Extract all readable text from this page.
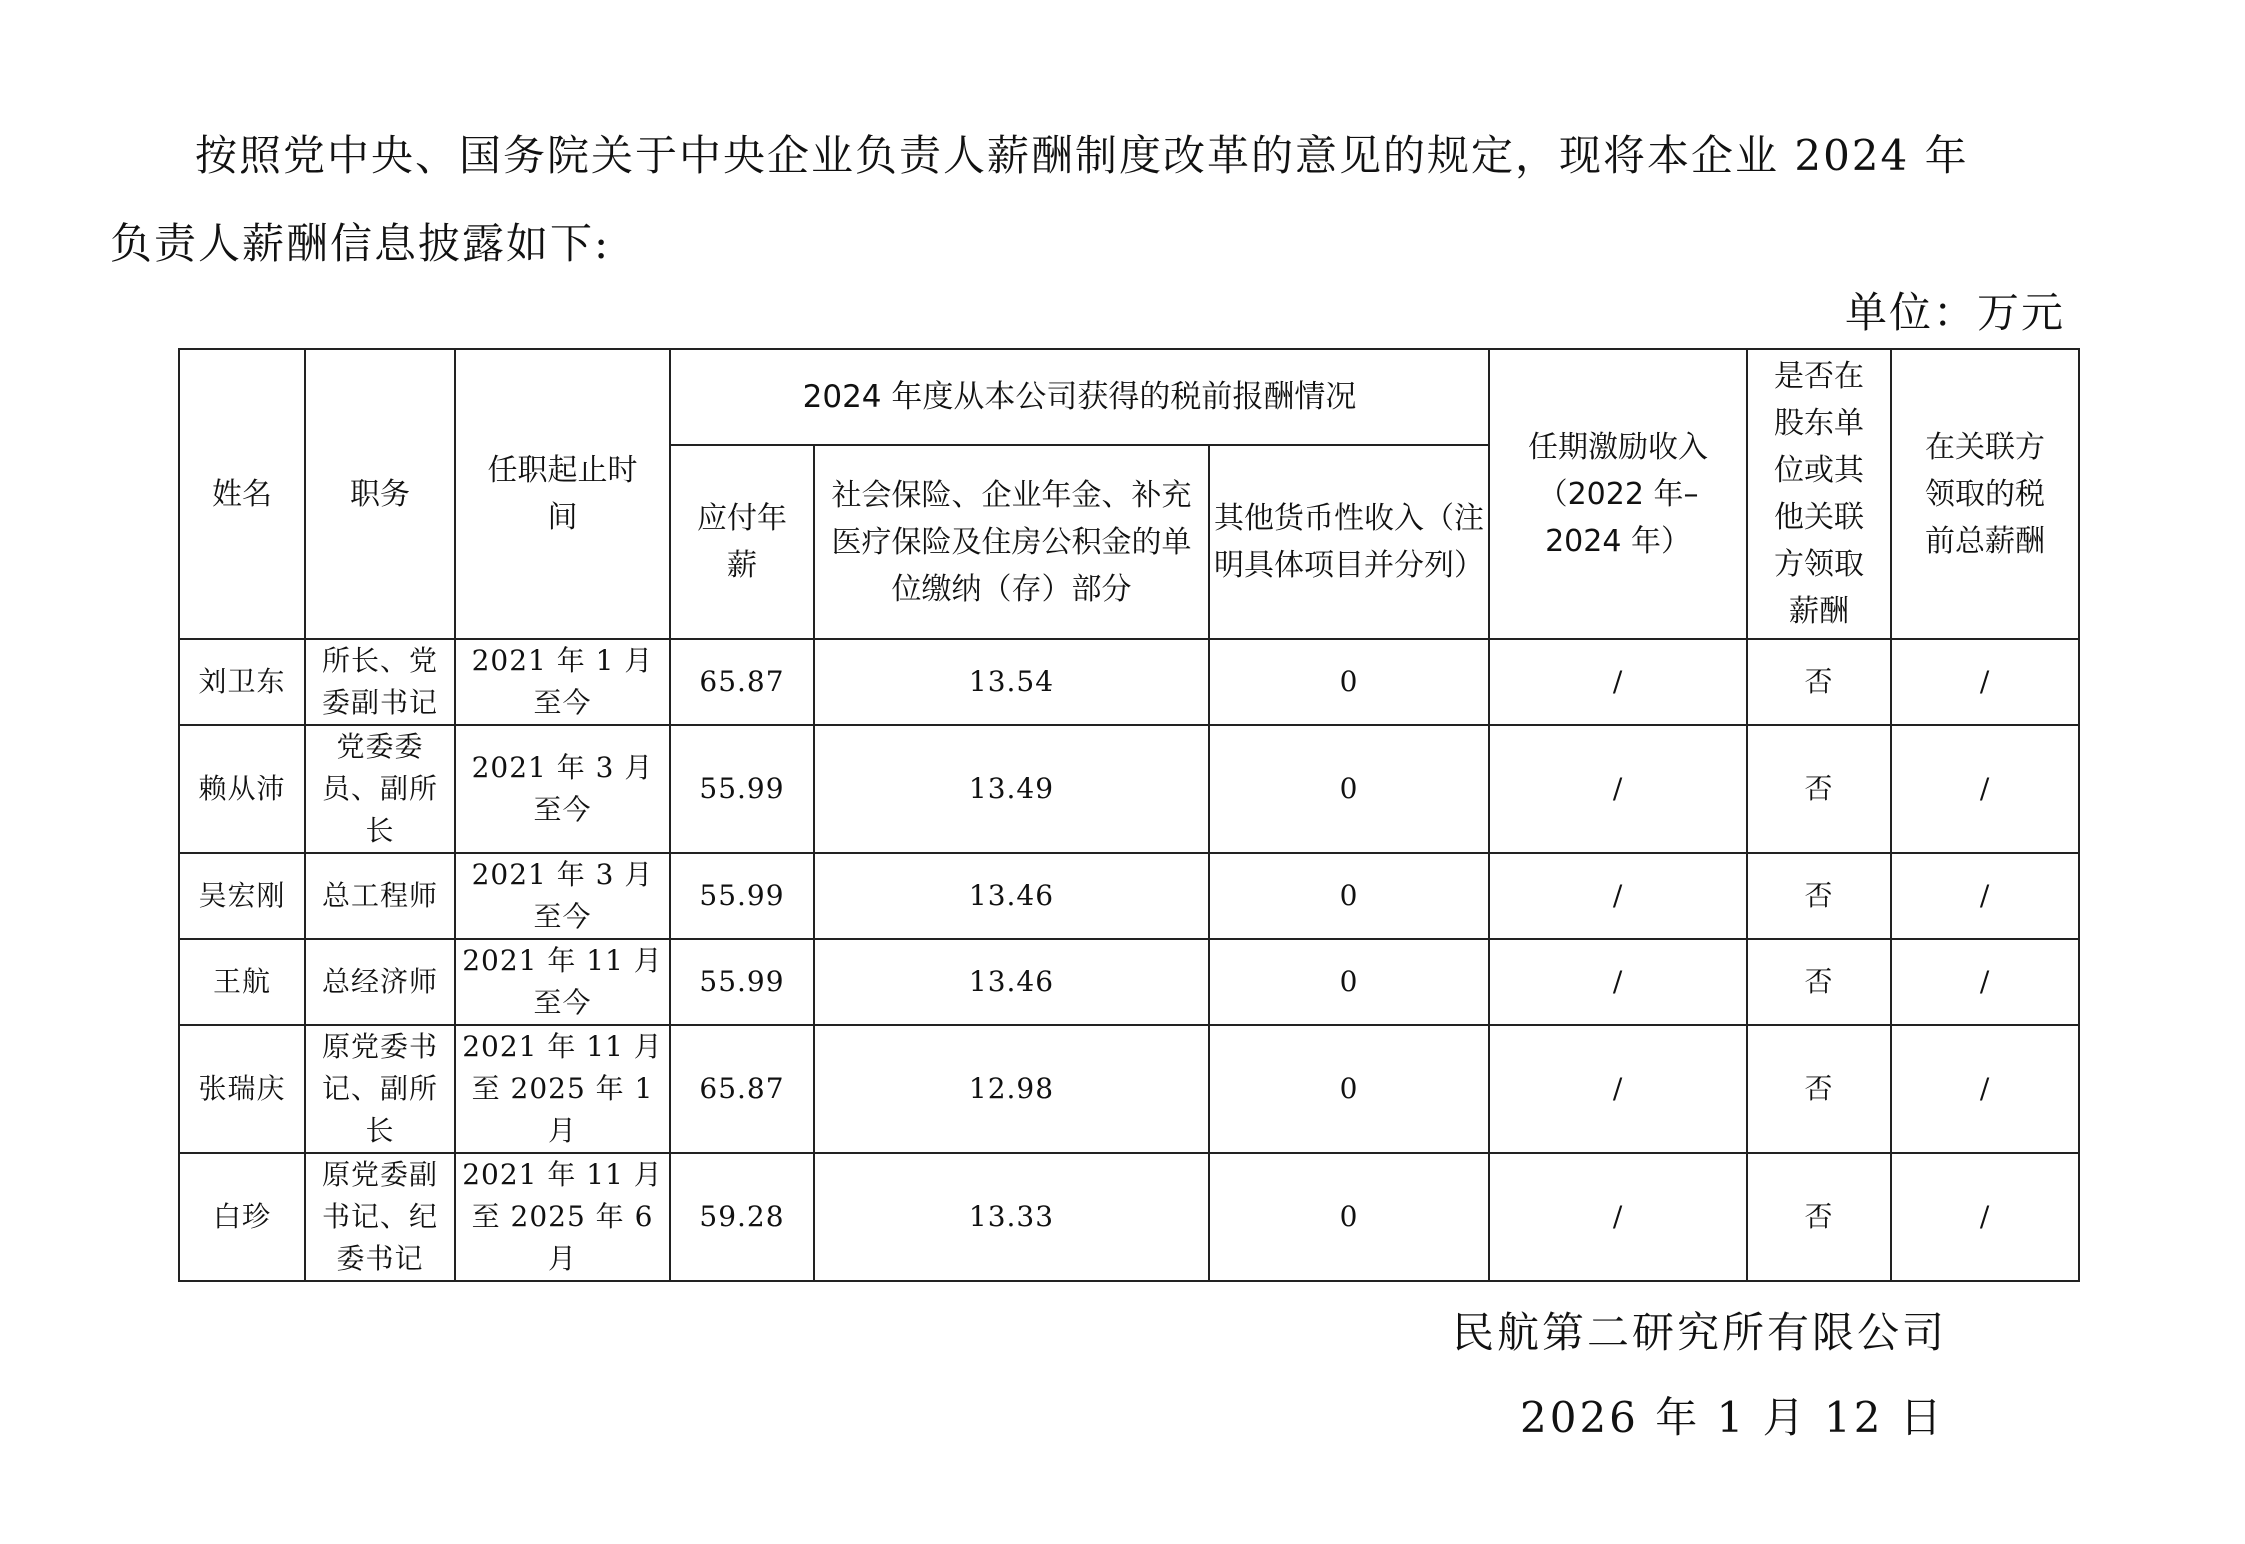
按照党中央、国务院关于中央企业负责人薪酬制度改革的意见的规定，现将本企业 2024 年负责人薪酬信息披露如下:
单位：万元
姓名	职务	任职起止时间	2024 年度从本公司获得的税前报酬情况			任期激励收入（2022 年–2024 年）	是否在股东单位或其他关联方领取薪酬	在关联方领取的税前总薪酬
			应付年薪	社会保险、企业年金、补充医疗保险及住房公积金的单位缴纳（存）部分	其他货币性收入（注明具体项目并分列）			
刘卫东	所长、党委副书记	2021 年 1 月至今	65.87	13.54	0	/	否	/
赖从沛	党委委员、副所长	2021 年 3 月至今	55.99	13.49	0	/	否	/
吴宏刚	总工程师	2021 年 3 月至今	55.99	13.46	0	/	否	/
王航	总经济师	2021 年 11 月至今	55.99	13.46	0	/	否	/
张瑞庆	原党委书记、副所长	2021 年 11 月至 2025 年 1 月	65.87	12.98	0	/	否	/
白珍	原党委副书记、纪委书记	2021 年 11 月至 2025 年 6 月	59.28	13.33	0	/	否	/
民航第二研究所有限公司
2026 年 1 月 12 日
